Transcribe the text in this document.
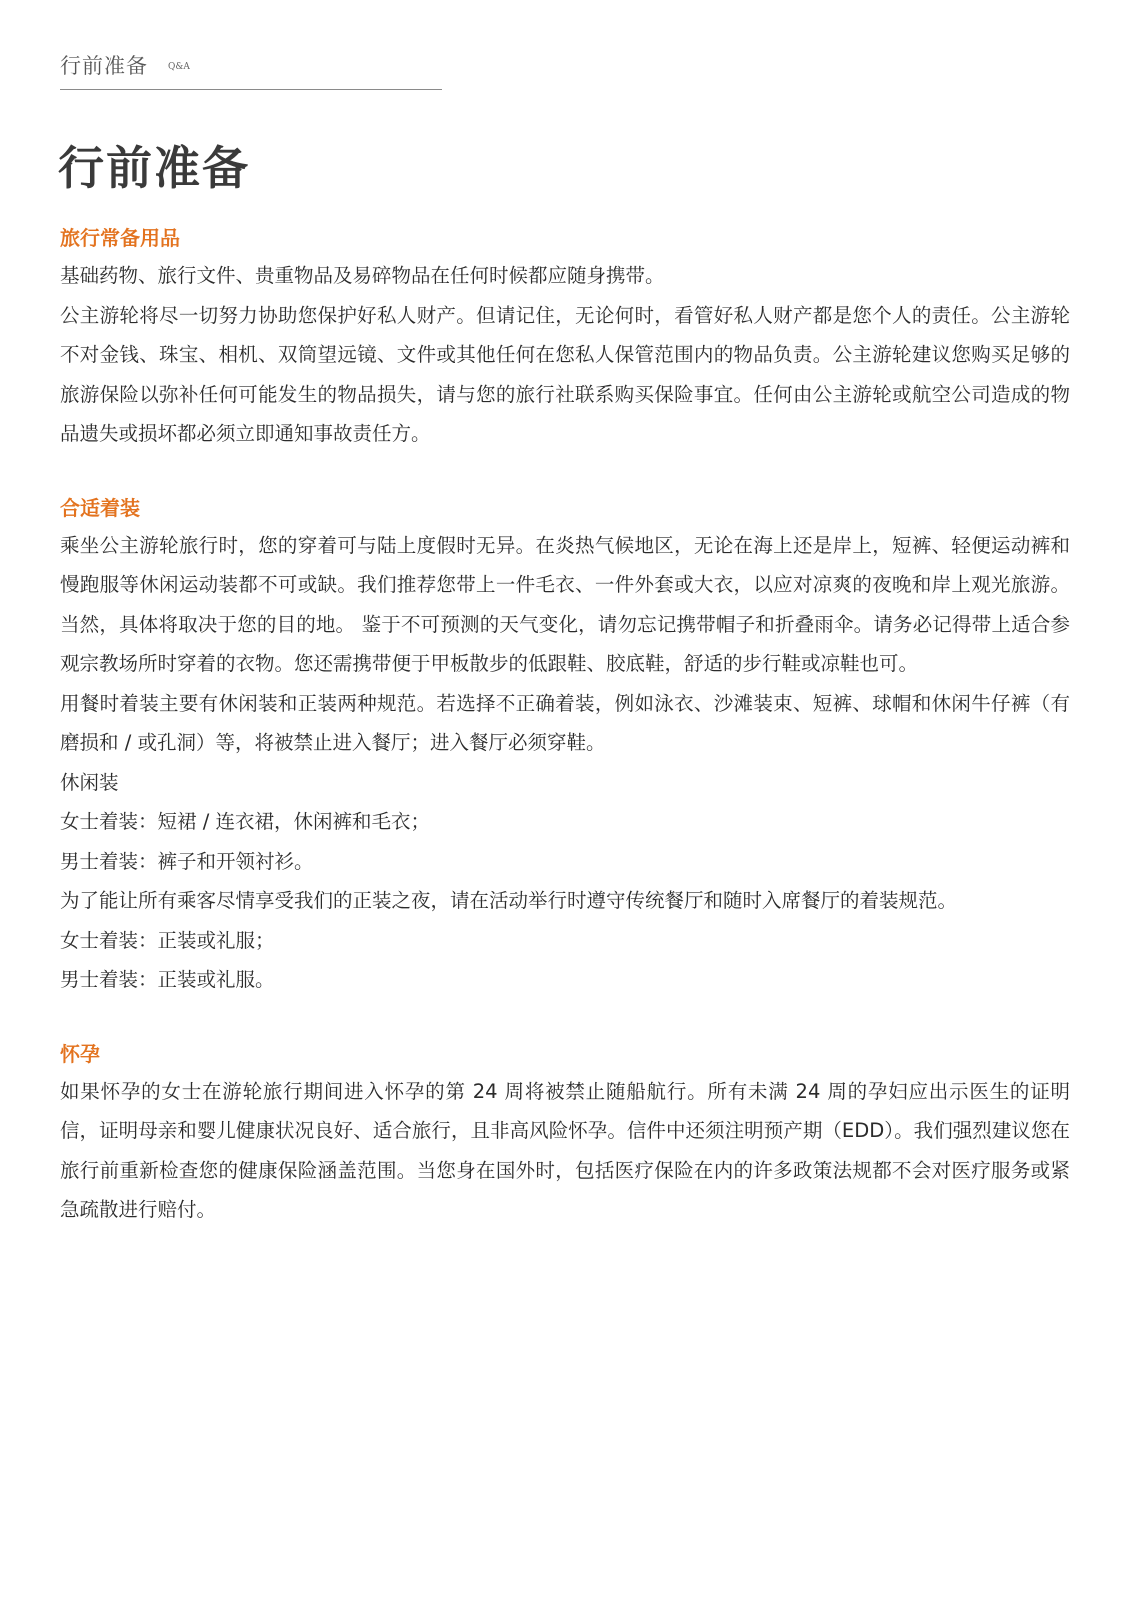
行前准备 Q&A
行前准备
旅行常备用品

基础药物、旅行文件、贵重物品及易碎物品在任何时候都应随身携带。

公主游轮将尽一切努力协助您保护好私人财产。但请记住，无论何时，看管好私人财产都是您个人的责任。公主游轮不对金钱、珠宝、相机、双筒望远镜、文件或其他任何在您私人保管范围内的物品负责。公主游轮建议您购买足够的旅游保险以弥补任何可能发生的物品损失，请与您的旅行社联系购买保险事宜。任何由公主游轮或航空公司造成的物品遗失或损坏都必须立即通知事故责任方。

合适着装

乘坐公主游轮旅行时，您的穿着可与陆上度假时无异。在炎热气候地区，无论在海上还是岸上，短裤、轻便运动裤和慢跑服等休闲运动装都不可或缺。我们推荐您带上一件毛衣、一件外套或大衣，以应对凉爽的夜晚和岸上观光旅游。当然，具体将取决于您的目的地。 鉴于不可预测的天气变化，请勿忘记携带帽子和折叠雨伞。请务必记得带上适合参观宗教场所时穿着的衣物。您还需携带便于甲板散步的低跟鞋、胶底鞋，舒适的步行鞋或凉鞋也可。

用餐时着装主要有休闲装和正装两种规范。若选择不正确着装，例如泳衣、沙滩装束、短裤、球帽和休闲牛仔裤（有磨损和 / 或孔洞）等，将被禁止进入餐厅；进入餐厅必须穿鞋。

休闲装

女士着装：短裙 / 连衣裙，休闲裤和毛衣；

男士着装：裤子和开领衬衫。

为了能让所有乘客尽情享受我们的正装之夜，请在活动举行时遵守传统餐厅和随时入席餐厅的着装规范。

女士着装：正装或礼服；

男士着装：正装或礼服。

怀孕

如果怀孕的女士在游轮旅行期间进入怀孕的第 24 周将被禁止随船航行。所有未满 24 周的孕妇应出示医生的证明信，证明母亲和婴儿健康状况良好、适合旅行，且非高风险怀孕。信件中还须注明预产期（EDD）。我们强烈建议您在旅行前重新检查您的健康保险涵盖范围。当您身在国外时，包括医疗保险在内的许多政策法规都不会对医疗服务或紧急疏散进行赔付。
